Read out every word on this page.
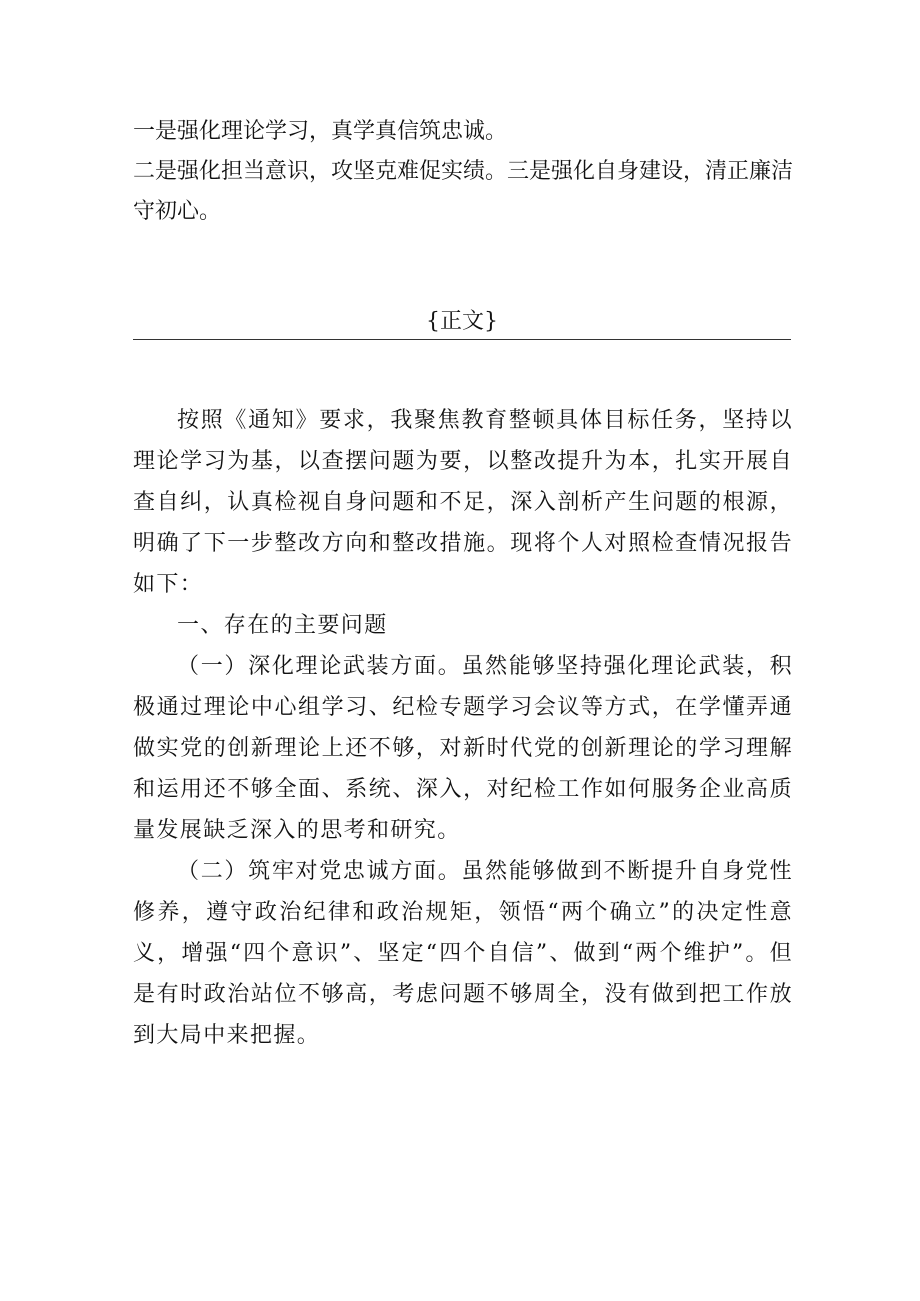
一是强化理论学习，真学真信筑忠诚。

二是强化担当意识，攻坚克难促实绩。三是强化自身建设，清正廉洁守初心。

{正文}

按照《通知》要求，我聚焦教育整顿具体目标任务，坚持以理论学习为基，以查摆问题为要，以整改提升为本，扎实开展自查自纠，认真检视自身问题和不足，深入剖析产生问题的根源，明确了下一步整改方向和整改措施。现将个人对照检查情况报告如下：

一、存在的主要问题

（一）深化理论武装方面。虽然能够坚持强化理论武装，积极通过理论中心组学习、纪检专题学习会议等方式，在学懂弄通做实党的创新理论上还不够，对新时代党的创新理论的学习理解和运用还不够全面、系统、深入，对纪检工作如何服务企业高质量发展缺乏深入的思考和研究。

（二）筑牢对党忠诚方面。虽然能够做到不断提升自身党性修养，遵守政治纪律和政治规矩，领悟“两个确立”的决定性意义，增强“四个意识”、坚定“四个自信”、做到“两个维护”。但是有时政治站位不够高，考虑问题不够周全，没有做到把工作放到大局中来把握。
